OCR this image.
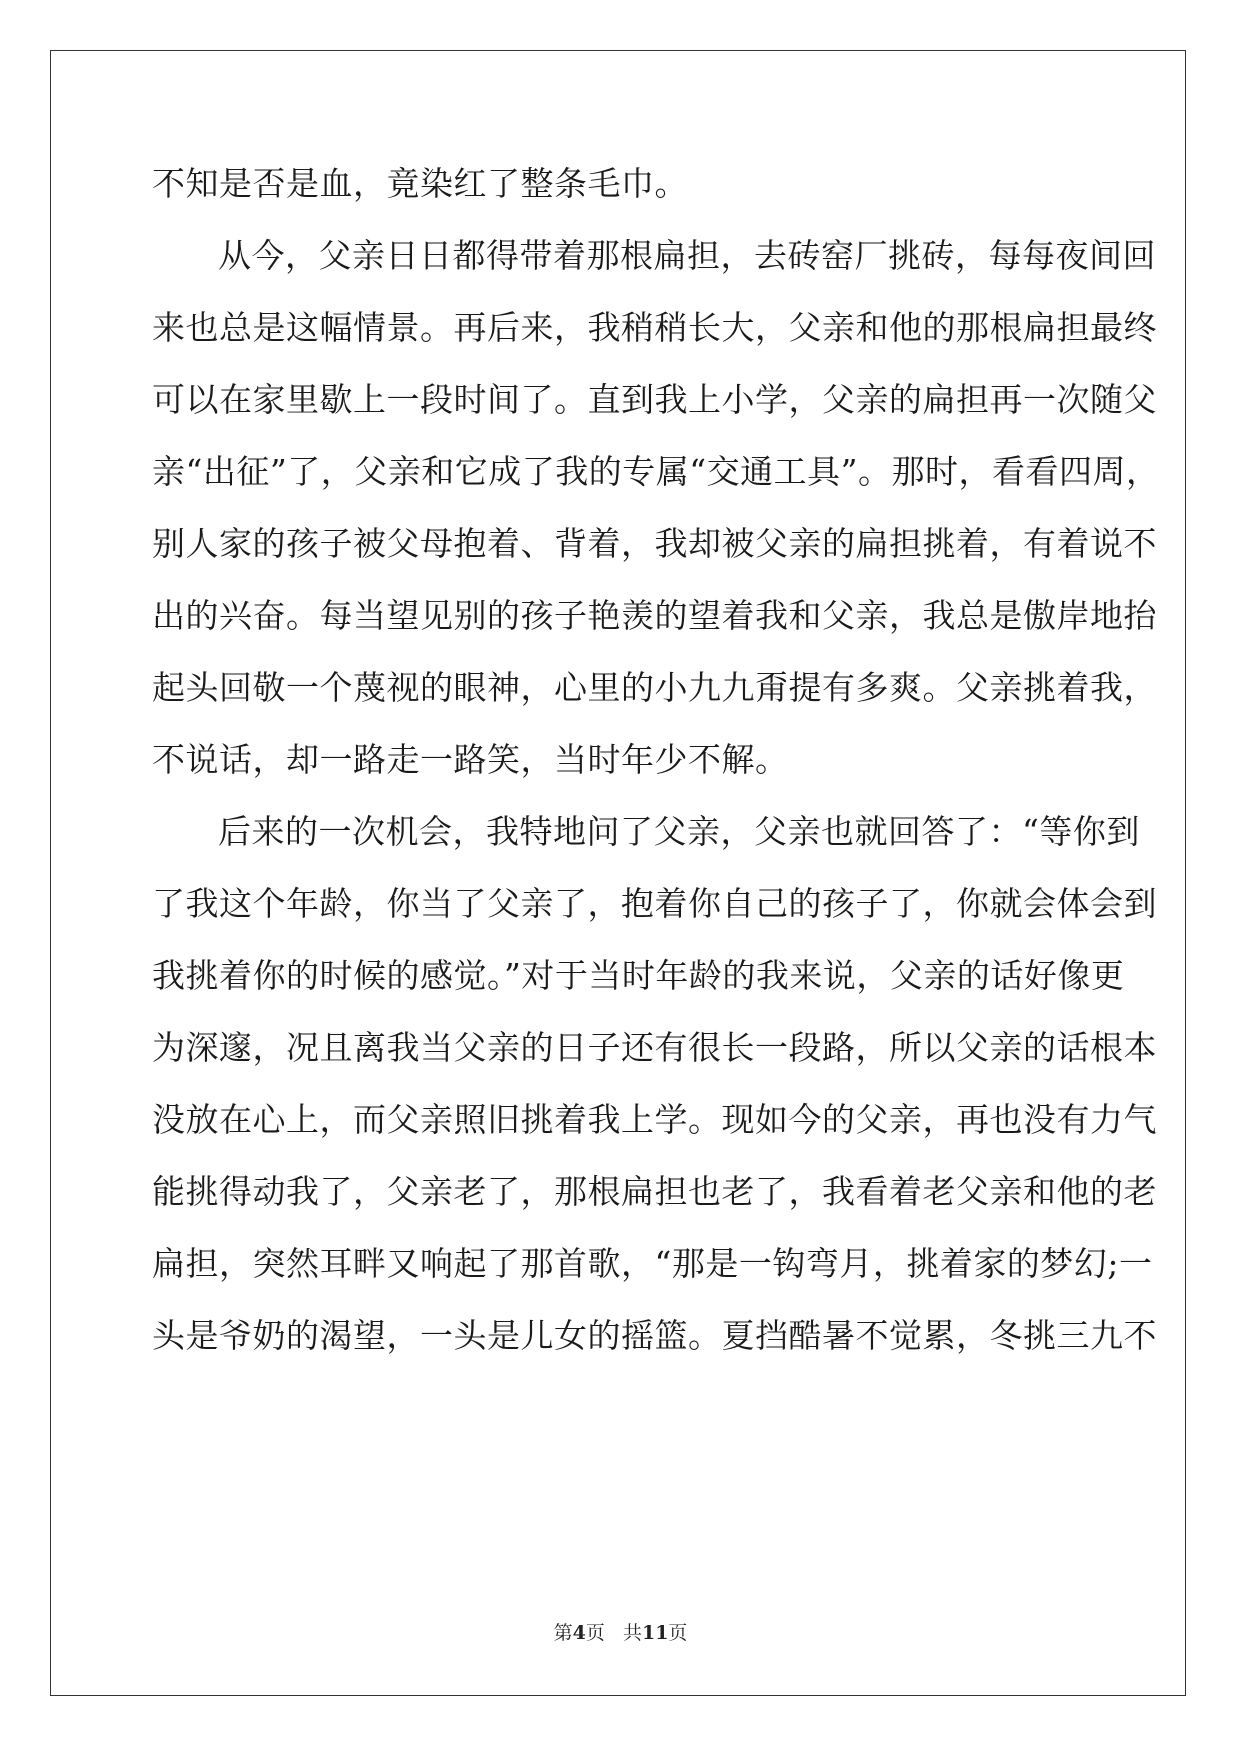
不知是否是血，竟染红了整条毛巾。
从今，父亲日日都得带着那根扁担，去砖窑厂挑砖，每每夜间回
来也总是这幅情景。再后来，我稍稍长大，父亲和他的那根扁担最终
可以在家里歇上一段时间了。直到我上小学，父亲的扁担再一次随父
亲“出征”了，父亲和它成了我的专属“交通工具”。那时，看看四周，
别人家的孩子被父母抱着、背着，我却被父亲的扁担挑着，有着说不
出的兴奋。每当望见别的孩子艳羡的望着我和父亲，我总是傲岸地抬
起头回敬一个蔑视的眼神，心里的小九九甭提有多爽。父亲挑着我，
不说话，却一路走一路笑，当时年少不解。
后来的一次机会，我特地问了父亲，父亲也就回答了：“等你到
了我这个年龄，你当了父亲了，抱着你自己的孩子了，你就会体会到
我挑着你的时候的感觉。”对于当时年龄的我来说，父亲的话好像更
为深邃，况且离我当父亲的日子还有很长一段路，所以父亲的话根本
没放在心上，而父亲照旧挑着我上学。现如今的父亲，再也没有力气
能挑得动我了，父亲老了，那根扁担也老了，我看着老父亲和他的老
扁担，突然耳畔又响起了那首歌，“那是一钩弯月，挑着家的梦幻;一
头是爷奶的渴望，一头是儿女的摇篮。夏挡酷暑不觉累，冬挑三九不
第4页 共11页
